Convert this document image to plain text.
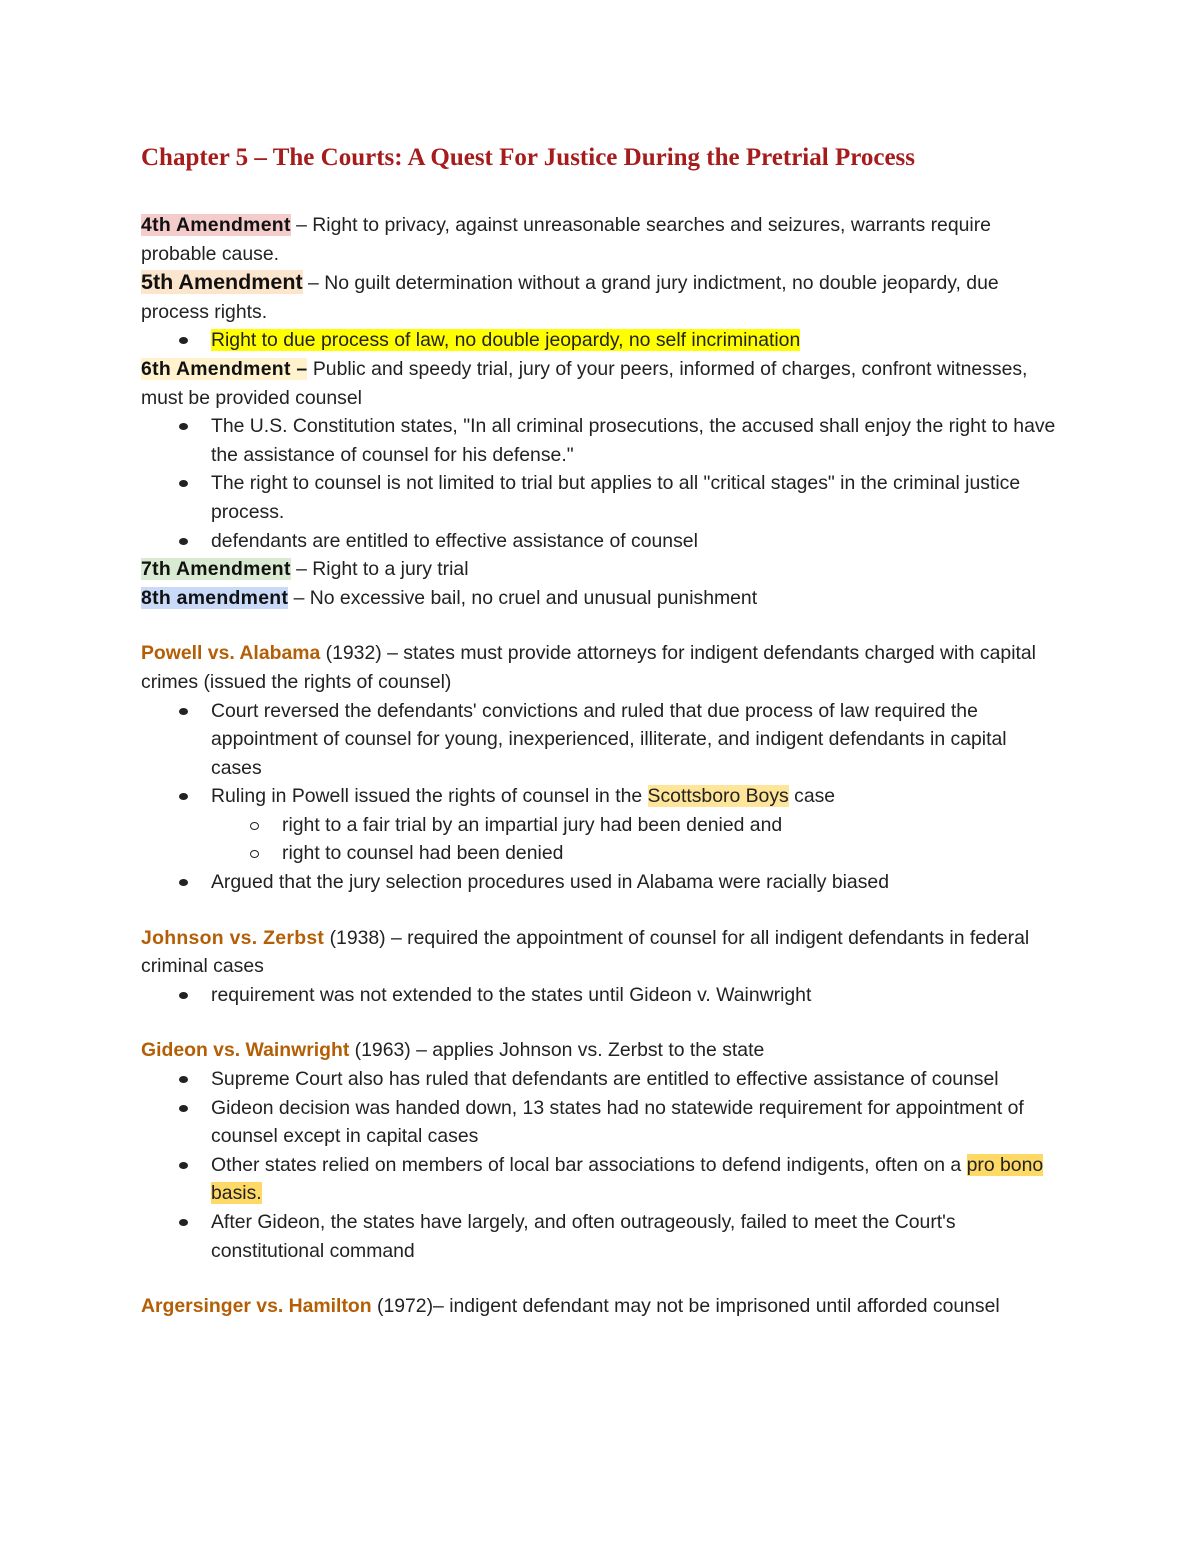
Chapter 5 – The Courts: A Quest For Justice During the Pretrial Process

4th Amendment – Right to privacy, against unreasonable searches and seizures, warrants require probable cause.

5th Amendment – No guilt determination without a grand jury indictment, no double jeopardy, due process rights.

Right to due process of law, no double jeopardy, no self incrimination

6th Amendment – Public and speedy trial, jury of your peers, informed of charges, confront witnesses, must be provided counsel

The U.S. Constitution states, "In all criminal prosecutions, the accused shall enjoy the right to have the assistance of counsel for his defense."
The right to counsel is not limited to trial but applies to all "critical stages" in the criminal justice process.
defendants are entitled to effective assistance of counsel

7th Amendment – Right to a jury trial

8th amendment – No excessive bail, no cruel and unusual punishment

Powell vs. Alabama (1932) – states must provide attorneys for indigent defendants charged with capital crimes (issued the rights of counsel)

Court reversed the defendants' convictions and ruled that due process of law required the appointment of counsel for young, inexperienced, illiterate, and indigent defendants in capital cases
Ruling in Powell issued the rights of counsel in the Scottsboro Boys case
right to a fair trial by an impartial jury had been denied and
right to counsel had been denied
Argued that the jury selection procedures used in Alabama were racially biased

Johnson vs. Zerbst (1938) – required the appointment of counsel for all indigent defendants in federal criminal cases

requirement was not extended to the states until Gideon v. Wainwright

Gideon vs. Wainwright (1963) – applies Johnson vs. Zerbst to the state

Supreme Court also has ruled that defendants are entitled to effective assistance of counsel
Gideon decision was handed down, 13 states had no statewide requirement for appointment of counsel except in capital cases
Other states relied on members of local bar associations to defend indigents, often on a pro bono basis.
After Gideon, the states have largely, and often outrageously, failed to meet the Court's constitutional command

Argersinger vs. Hamilton (1972)– indigent defendant may not be imprisoned until afforded counsel
